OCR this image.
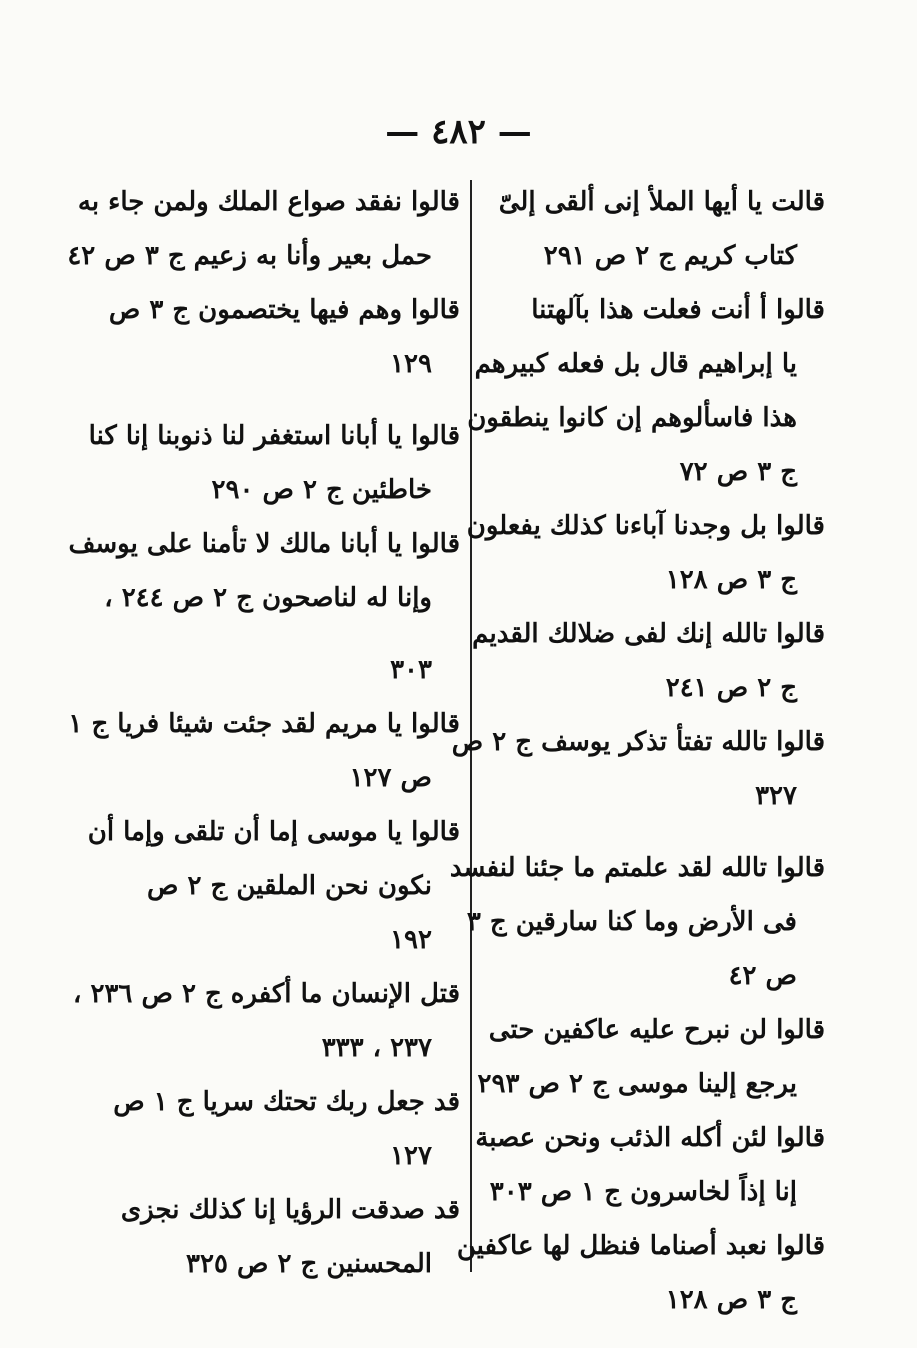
— ٤٨٢ —
قالت يا أيها الملأ إنى ألقى إلىّ
كتاب كريم ج ٢ ص ٢٩١
قالوا أ أنت فعلت هذا بآلهتنا
يا إبراهيم قال بل فعله كبيرهم
هذا فاسألوهم إن كانوا ينطقون
ج ٣ ص ٧٢
قالوا بل وجدنا آباءنا كذلك يفعلون
ج ٣ ص ١٢٨
قالوا تالله إنك لفى ضلالك القديم
ج ٢ ص ٢٤١
قالوا تالله تفتأ تذكر يوسف ج ٢ ص
٣٢٧
قالوا تالله لقد علمتم ما جئنا لنفسد
فى الأرض وما كنا سارقين ج ٣
ص ٤٢
قالوا لن نبرح عليه عاكفين حتى
يرجع إلينا موسى ج ٢ ص ٢٩٣
قالوا لئن أكله الذئب ونحن عصبة
إنا إذاً لخاسرون ج ١ ص ٣٠٣
قالوا نعبد أصناما فنظل لها عاكفين
ج ٣ ص ١٢٨
قالوا نفقد صواع الملك ولمن جاء به
حمل بعير وأنا به زعيم ج ٣ ص ٤٢
قالوا وهم فيها يختصمون ج ٣ ص
١٢٩
قالوا يا أبانا استغفر لنا ذنوبنا إنا كنا
خاطئين ج ٢ ص ٢٩٠
قالوا يا أبانا مالك لا تأمنا على يوسف
وإنا له لناصحون ج ٢ ص ٢٤٤ ،
٣٠٣
قالوا يا مريم لقد جئت شيئا فريا ج ١
ص ١٢٧
قالوا يا موسى إما أن تلقى وإما أن
نكون نحن الملقين ج ٢ ص
١٩٢
قتل الإنسان ما أكفره ج ٢ ص ٢٣٦ ،
٢٣٧ ، ٣٣٣
قد جعل ربك تحتك سريا ج ١ ص
١٢٧
قد صدقت الرؤيا إنا كذلك نجزى
المحسنين ج ٢ ص ٣٢٥
